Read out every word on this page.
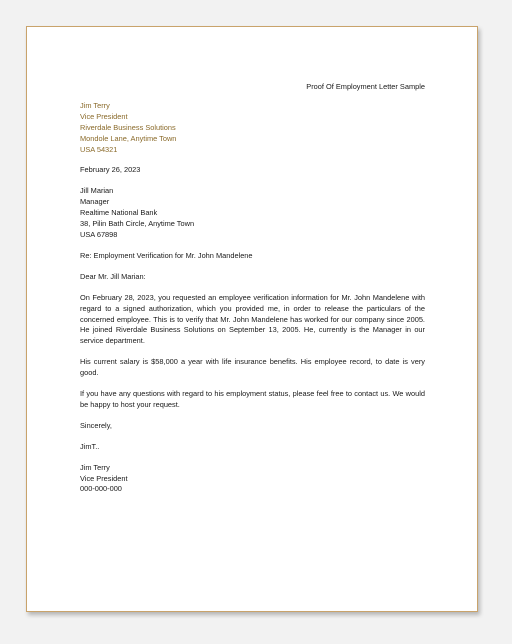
Proof Of Employment Letter Sample
Jim Terry
Vice President
Riverdale Business Solutions
Mondole Lane, Anytime Town
USA 54321
February 26, 2023
Jill Marian
Manager
Realtime National Bank
38, Pilin Bath Circle, Anytime Town
USA 67898
Re: Employment Verification for Mr. John Mandelene
Dear Mr. Jill Marian:

On February 28, 2023, you requested an employee verification information for Mr. John Mandelene with regard to a signed authorization, which you provided me, in order to release the particulars of the concerned employee. This is to verify that Mr. John Mandelene has worked for our company since 2005. He joined Riverdale Business Solutions on September 13, 2005. He, currently is the Manager in our service department.

His current salary is $58,000 a year with life insurance benefits. His employee record, to date is very good.

If you have any questions with regard to his employment status, please feel free to contact us. We would be happy to host your request.

Sincerely,
JimT..
Jim Terry
Vice President
000-000-000
